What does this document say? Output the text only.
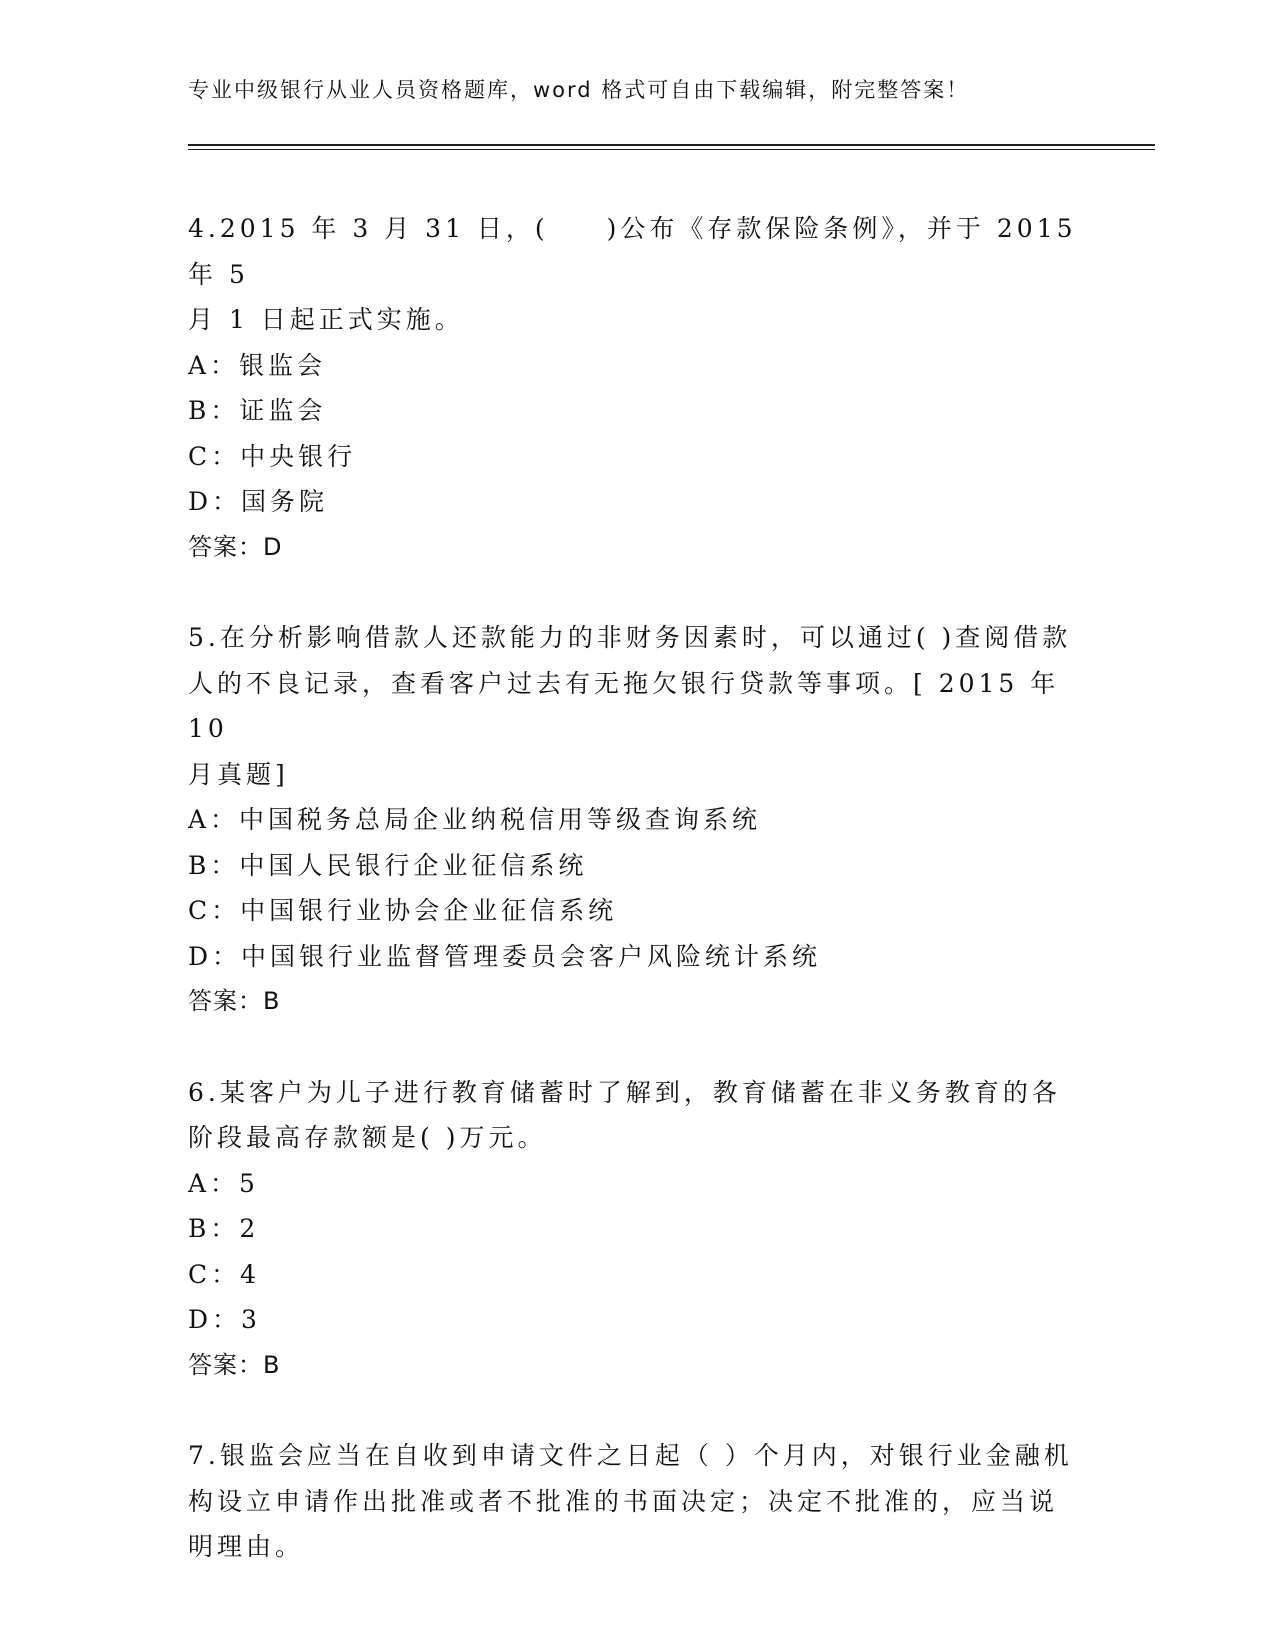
专业中级银行从业人员资格题库，word 格式可自由下载编辑，附完整答案！

4.2015 年 3 月 31 日，(　　)公布《存款保险条例》，并于 2015 年 5

月 1 日起正式实施。

A：银监会

B：证监会

C：中央银行

D：国务院

答案：D

5.在分析影响借款人还款能力的非财务因素时，可以通过( )查阅借款

人的不良记录，查看客户过去有无拖欠银行贷款等事项。[ 2015 年 10

月真题]

A：中国税务总局企业纳税信用等级查询系统

B：中国人民银行企业征信系统

C：中国银行业协会企业征信系统

D：中国银行业监督管理委员会客户风险统计系统

答案：B

6.某客户为儿子进行教育储蓄时了解到，教育储蓄在非义务教育的各

阶段最高存款额是( )万元。

A：5

B：2

C：4

D：3

答案：B

7.银监会应当在自收到申请文件之日起（ ）个月内，对银行业金融机

构设立申请作出批准或者不批准的书面决定；决定不批准的，应当说

明理由。
